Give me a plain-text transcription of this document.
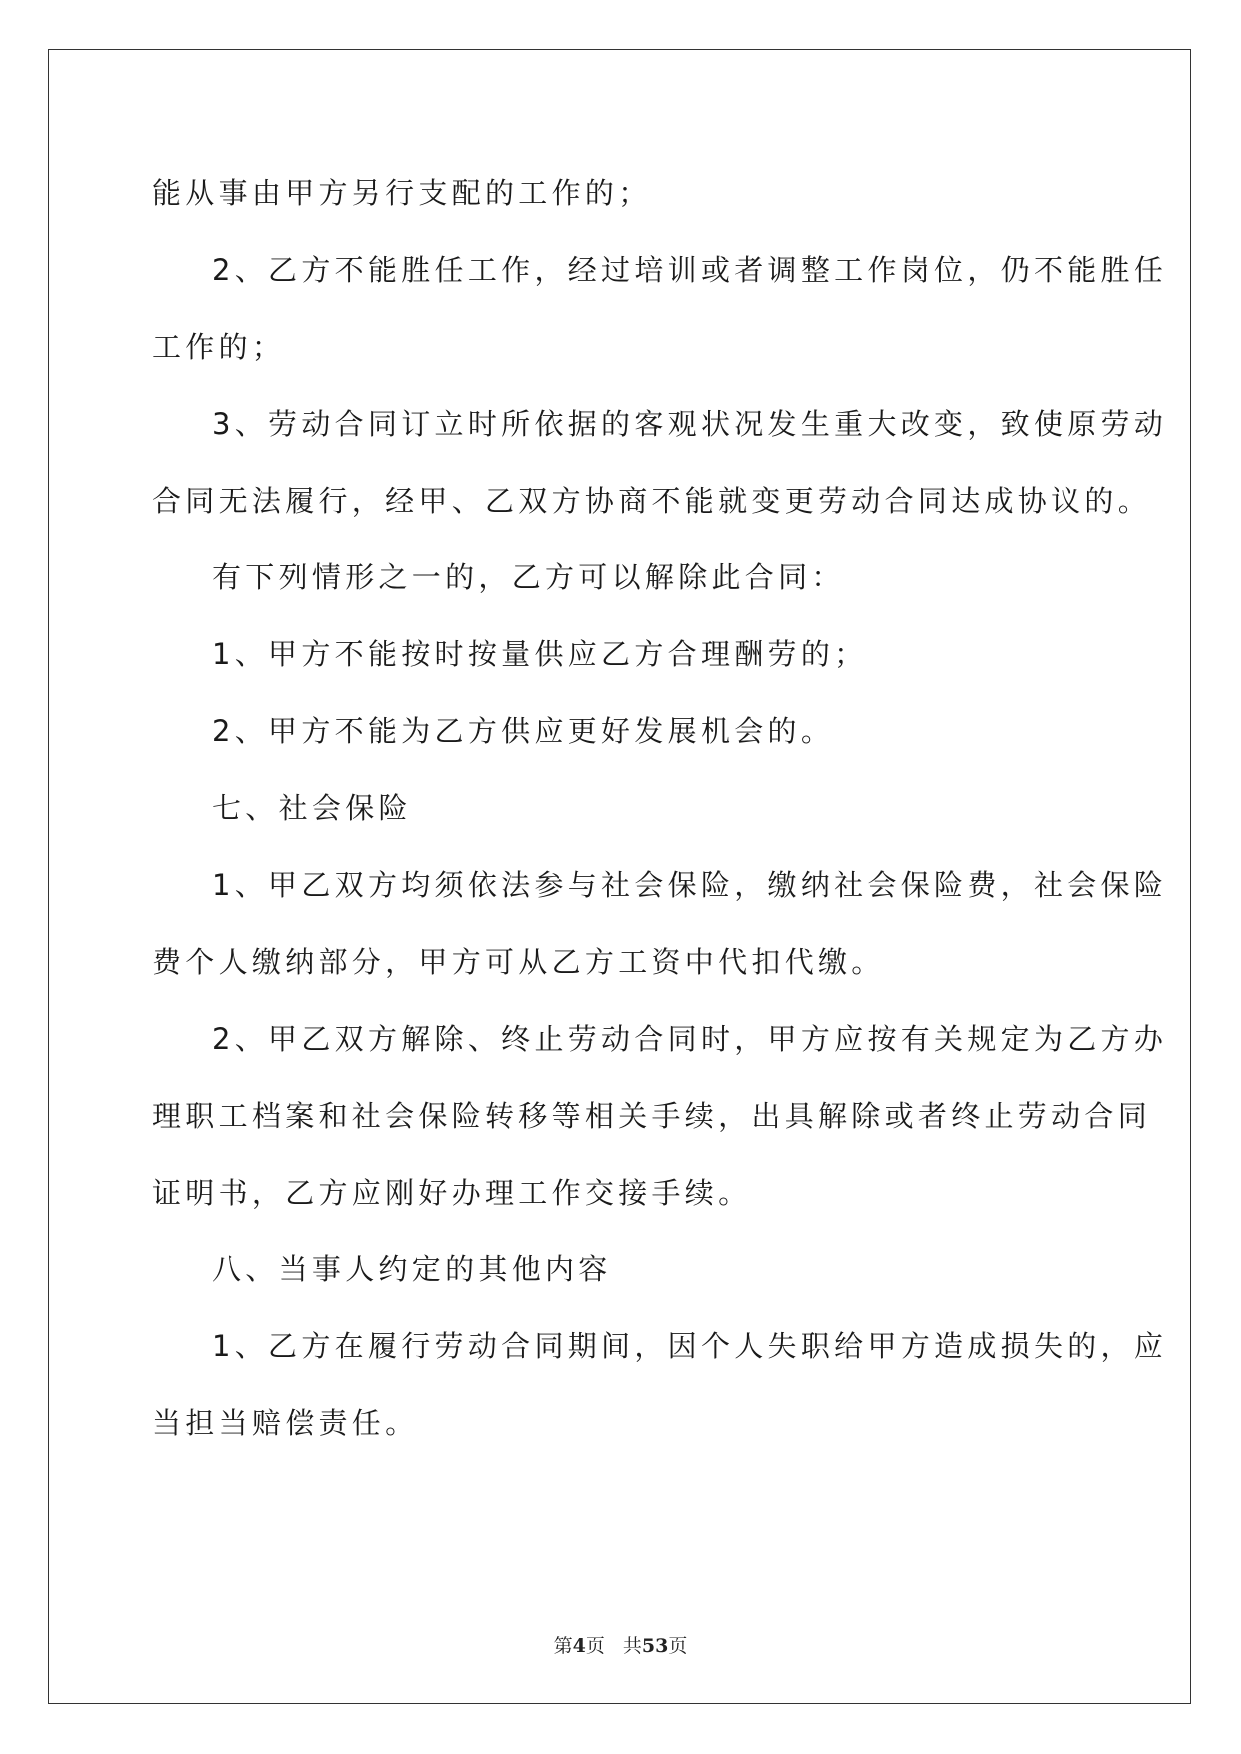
能从事由甲方另行支配的工作的；
2、乙方不能胜任工作，经过培训或者调整工作岗位，仍不能胜任
工作的；
3、劳动合同订立时所依据的客观状况发生重大改变，致使原劳动
合同无法履行，经甲、乙双方协商不能就变更劳动合同达成协议的。
有下列情形之一的，乙方可以解除此合同：
1、甲方不能按时按量供应乙方合理酬劳的；
2、甲方不能为乙方供应更好发展机会的。
七、社会保险
1、甲乙双方均须依法参与社会保险，缴纳社会保险费，社会保险
费个人缴纳部分，甲方可从乙方工资中代扣代缴。
2、甲乙双方解除、终止劳动合同时，甲方应按有关规定为乙方办
理职工档案和社会保险转移等相关手续，出具解除或者终止劳动合同
证明书，乙方应刚好办理工作交接手续。
八、当事人约定的其他内容
1、乙方在履行劳动合同期间，因个人失职给甲方造成损失的，应
当担当赔偿责任。
第4页 共53页
